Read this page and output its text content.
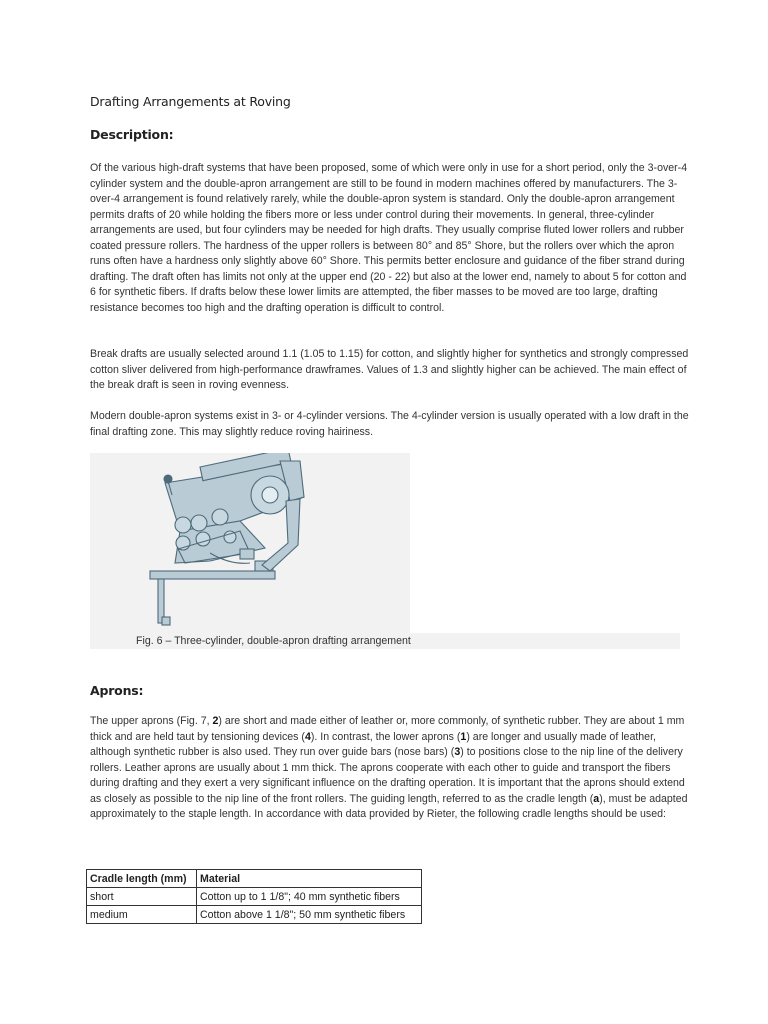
Drafting Arrangements at Roving
Description:

Of the various high-draft systems that have been proposed, some of which were only in use for a short period, only the 3-over-4 cylinder system and the double-apron arrangement are still to be found in modern machines offered by manufacturers. The 3-over-4 arrangement is found relatively rarely, while the double-apron system is standard. Only the double-apron arrangement permits drafts of 20 while holding the fibers more or less under control during their movements. In general, three-cylinder arrangements are used, but four cylinders may be needed for high drafts. They usually comprise fluted lower rollers and rubber coated pressure rollers. The hardness of the upper rollers is between 80° and 85° Shore, but the rollers over which the apron runs often have a hardness only slightly above 60° Shore. This permits better enclosure and guidance of the fiber strand during drafting. The draft often has limits not only at the upper end (20 - 22) but also at the lower end, namely to about 5 for cotton and 6 for synthetic fibers. If drafts below these lower limits are attempted, the fiber masses to be moved are too large, drafting resistance becomes too high and the drafting operation is difficult to control.

Break drafts are usually selected around 1.1 (1.05 to 1.15) for cotton, and slightly higher for synthetics and strongly compressed cotton sliver delivered from high-performance drawframes. Values of 1.3 and slightly higher can be achieved. The main effect of the break draft is seen in roving evenness.

Modern double-apron systems exist in 3- or 4-cylinder versions. The 4-cylinder version is usually operated with a low draft in the final drafting zone. This may slightly reduce roving hairiness.

Fig. 6 – Three-cylinder, double-apron drafting arrangement
Aprons:

The upper aprons (Fig. 7, 2) are short and made either of leather or, more commonly, of synthetic rubber. They are about 1 mm thick and are held taut by tensioning devices (4). In contrast, the lower aprons (1) are longer and usually made of leather, although synthetic rubber is also used. They run over guide bars (nose bars) (3) to positions close to the nip line of the delivery rollers. Leather aprons are usually about 1 mm thick. The aprons cooperate with each other to guide and transport the fibers during drafting and they exert a very significant influence on the drafting operation. It is important that the aprons should extend as closely as possible to the nip line of the front rollers. The guiding length, referred to as the cradle length (a), must be adapted approximately to the staple length. In accordance with data provided by Rieter, the following cradle lengths should be used:

Cradle length (mm)	Material
short	Cotton up to 1 1/8"; 40 mm synthetic fibers
medium	Cotton above 1 1/8"; 50 mm synthetic fibers
